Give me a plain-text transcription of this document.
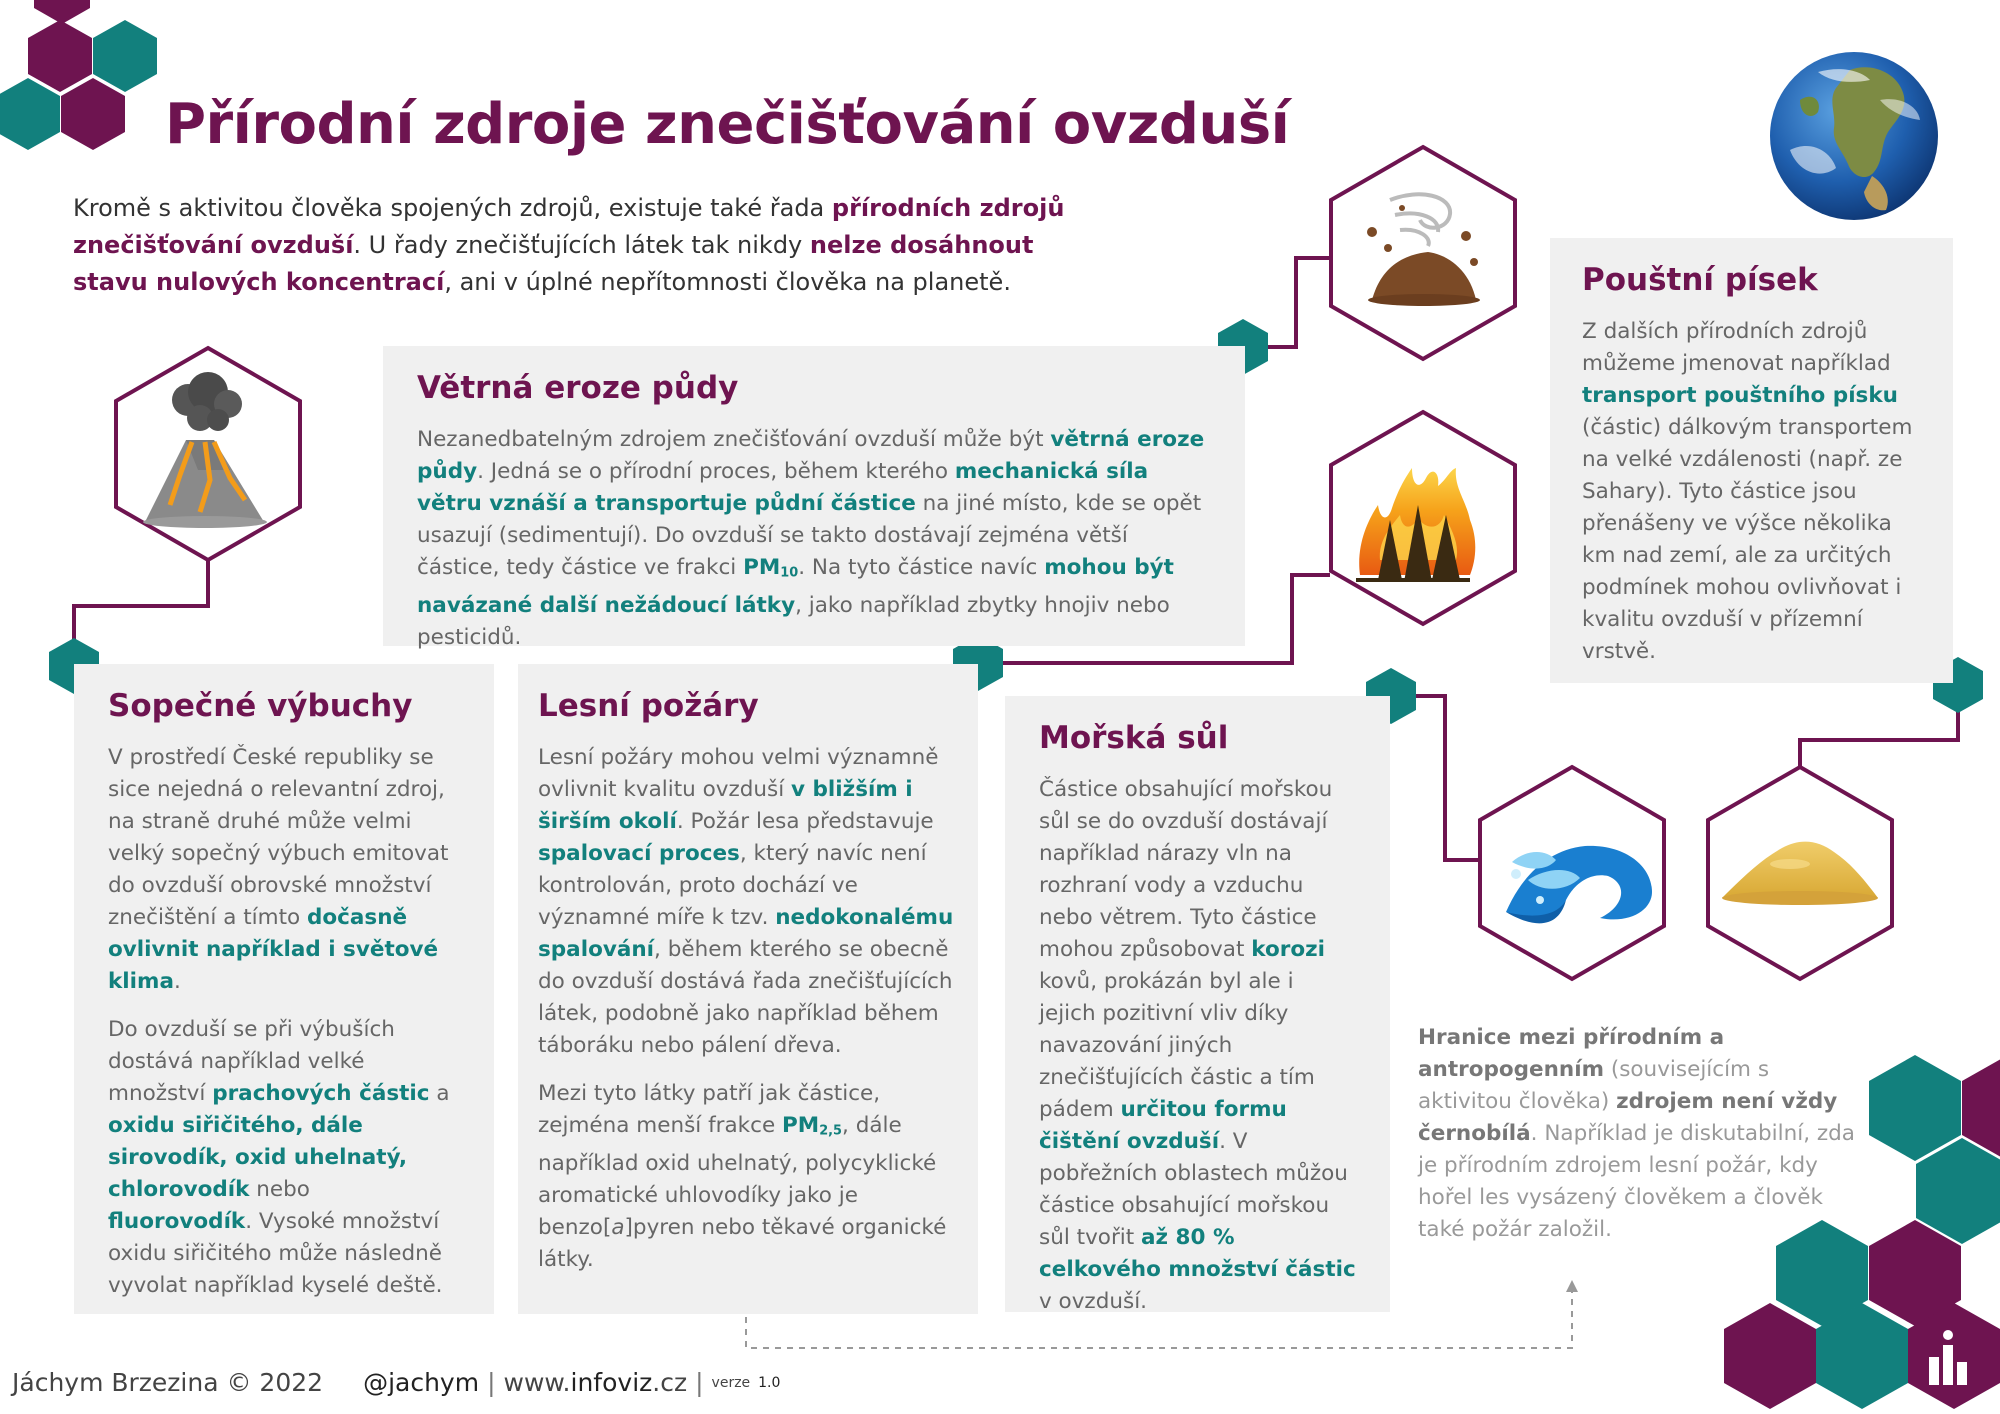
Přírodní zdroje znečišťování ovzduší

Kromě s aktivitou člověka spojených zdrojů, existuje také řada přírodních zdrojů znečišťování ovzduší. U řady znečišťujících látek tak nikdy nelze dosáhnout stavu nulových koncentrací, ani v úplné nepřítomnosti člověka na planetě.

Větrná eroze půdy

Nezanedbatelným zdrojem znečišťování ovzduší může být větrná eroze půdy. Jedná se o přírodní proces, během kterého mechanická síla větru vznáší a transportuje půdní částice na jiné místo, kde se opět usazují (sedimentují). Do ovzduší se takto dostávají zejména větší částice, tedy částice ve frakci $PM_{10}$. Na tyto částice navíc mohou být navázané další nežádoucí látky, jako například zbytky hnojiv nebo pesticidů.

Pouštní písek

Z dalších přírodních zdrojů můžeme jmenovat například transport pouštního písku (částic) dálkovým transportem na velké vzdálenosti (např. ze Sahary). Tyto částice jsou přenášeny ve výšce několika km nad zemí, ale za určitých podmínek mohou ovlivňovat i kvalitu ovzduší v přízemní vrstvě.

Sopečné výbuchy

V prostředí České republiky se sice nejedná o relevantní zdroj, na straně druhé může velmi velký sopečný výbuch emitovat do ovzduší obrovské množství znečištění a tímto dočasně ovlivnit například i světové klima.

Do ovzduší se při výbuších dostává například velké množství prachových částic a oxidu siřičitého, dále sirovodík, oxid uhelnatý, chlorovodík nebo fluorovodík. Vysoké množství oxidu siřičitého může následně vyvolat například kyselé deště.

Lesní požáry

Lesní požáry mohou velmi významně ovlivnit kvalitu ovzduší v bližším i širším okolí. Požár lesa představuje spalovací proces, který navíc není kontrolován, proto dochází ve významné míře k tzv. nedokonalému spalování, během kterého se obecně do ovzduší dostává řada znečišťujících látek, podobně jako například během táboráku nebo pálení dřeva.

Mezi tyto látky patří jak částice, zejména menší frakce $PM_{2,5}$, dále například oxid uhelnatý, polycyklické aromatické uhlovodíky jako je benzo[a]pyren nebo těkavé organické látky.

Mořská sůl

Částice obsahující mořskou sůl se do ovzduší dostávají například nárazy vln na rozhraní vody a vzduchu nebo větrem. Tyto částice mohou způsobovat korozi kovů, prokázán byl ale i jejich pozitivní vliv díky navazování jiných znečišťujících částic a tím pádem určitou formu čištění ovzduší. V pobřežních oblastech můžou částice obsahující mořskou sůl tvořit až 80 % celkového množství částic v ovzduší.

Hranice mezi přírodním a antropogenním (souvisejícím s aktivitou člověka) zdrojem není vždy černobílá. Například je diskutabilní, zda je přírodním zdrojem lesní požár, kdy hořel les vysázený člověkem a člověk také požár založil.

Jáchym Brzezina © 2022 @jachym | www.infoviz.cz | verze
1.0
